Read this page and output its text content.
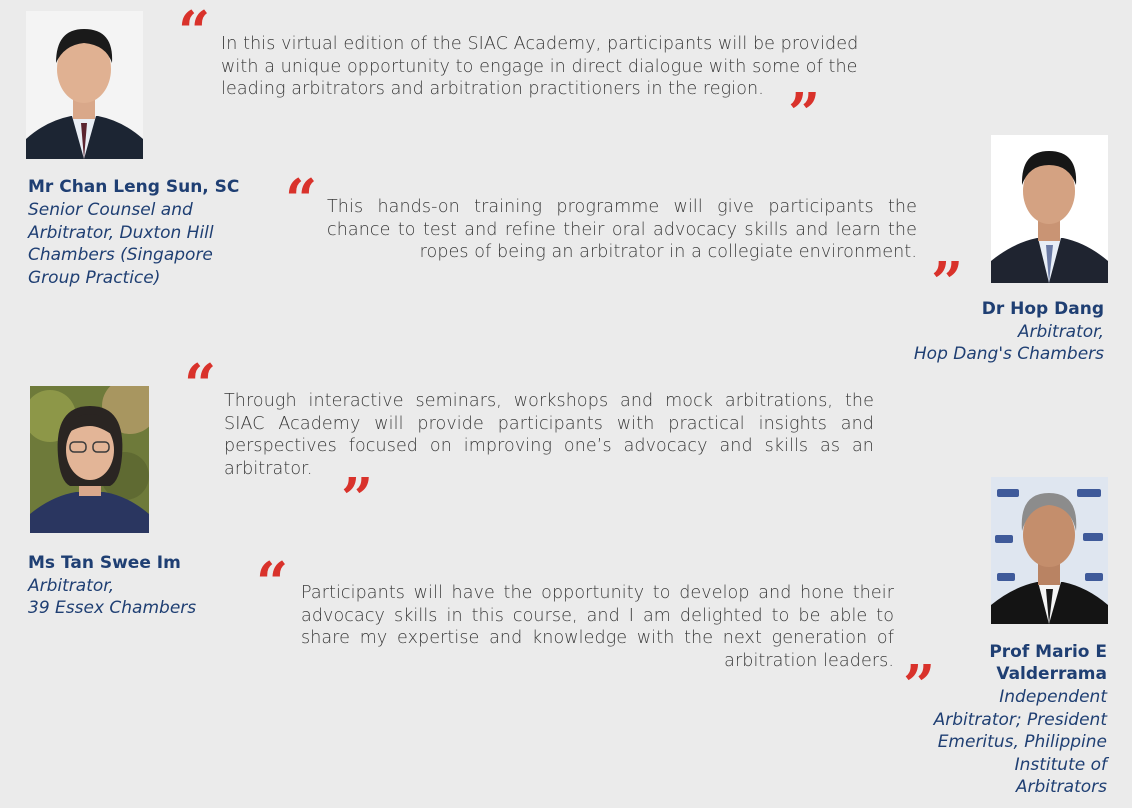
“ In this virtual edition of the SIAC Academy, participants will be provided with a unique opportunity to engage in direct dialogue with some of the leading arbitrators and arbitration practitioners in the region. ”
Mr Chan Leng Sun, SC
Senior Counsel and Arbitrator, Duxton Hill Chambers (Singapore Group Practice)
“ This hands-on training programme will give participants the chance to test and refine their oral advocacy skills and learn the ropes of being an arbitrator in a collegiate environment. ”	Dr Hop Dang
Arbitrator,
Hop Dang's Chambers
“ Through interactive seminars, workshops and mock arbitrations, the SIAC Academy will provide participants with practical insights and perspectives focused on improving one’s advocacy and skills as an arbitrator. ”
Ms Tan Swee Im
Arbitrator,
39 Essex Chambers	“ Participants will have the opportunity to develop and hone their advocacy skills in this course, and I am delighted to be able to share my expertise and knowledge with the next generation of arbitration leaders. ”
Prof Mario E
Valderrama
Independent Arbitrator; President Emeritus, Philippine Institute of Arbitrators
